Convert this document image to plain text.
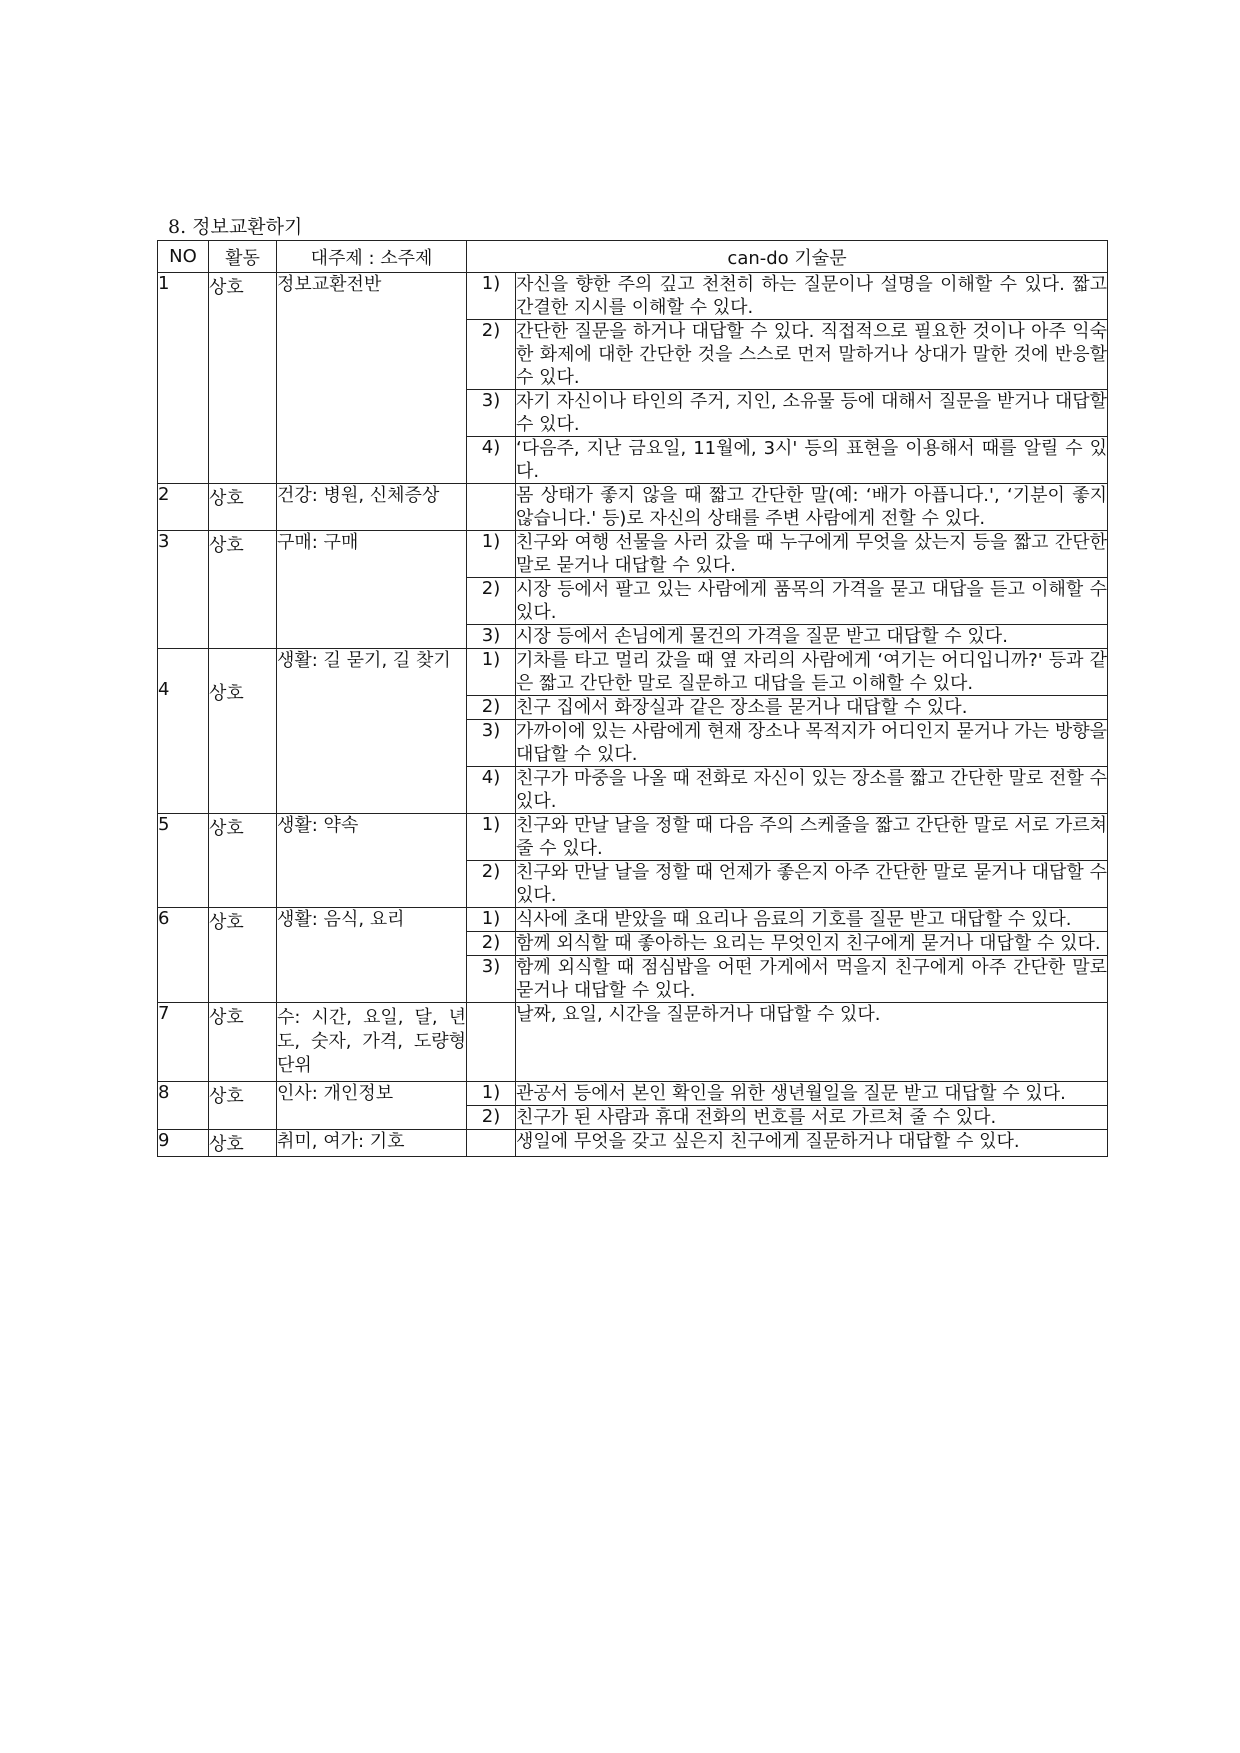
8. 정보교환하기
NO	활동	대주제 : 소주제	can-do 기술문	
1	상호	정보교환전반	1)	자신을 향한 주의 깊고 천천히 하는 질문이나 설명을 이해할 수 있다. 짧고 간결한 지시를 이해할 수 있다.
			2)	간단한 질문을 하거나 대답할 수 있다. 직접적으로 필요한 것이나 아주 익숙한 화제에 대한 간단한 것을 스스로 먼저 말하거나 상대가 말한 것에 반응할 수 있다.
			3)	자기 자신이나 타인의 주거, 지인, 소유물 등에 대해서 질문을 받거나 대답할 수 있다.
			4)	‘다음주, 지난 금요일, 11월에, 3시' 등의 표현을 이용해서 때를 알릴 수 있다.
2	상호	건강: 병원, 신체증상		몸 상태가 좋지 않을 때 짧고 간단한 말(예: ‘배가 아픕니다.', ‘기분이 좋지 않습니다.' 등)로 자신의 상태를 주변 사람에게 전할 수 있다.
3	상호	구매: 구매	1)	친구와 여행 선물을 사러 갔을 때 누구에게 무엇을 샀는지 등을 짧고 간단한 말로 묻거나 대답할 수 있다.
			2)	시장 등에서 팔고 있는 사람에게 품목의 가격을 묻고 대답을 듣고 이해할 수 있다.
			3)	시장 등에서 손님에게 물건의 가격을 질문 받고 대답할 수 있다.
4	상호	생활: 길 묻기, 길 찾기	1)	기차를 타고 멀리 갔을 때 옆 자리의 사람에게 ‘여기는 어디입니까?' 등과 같은 짧고 간단한 말로 질문하고 대답을 듣고 이해할 수 있다.
			2)	친구 집에서 화장실과 같은 장소를 묻거나 대답할 수 있다.
			3)	가까이에 있는 사람에게 현재 장소나 목적지가 어디인지 묻거나 가는 방향을 대답할 수 있다.
			4)	친구가 마중을 나올 때 전화로 자신이 있는 장소를 짧고 간단한 말로 전할 수 있다.
5	상호	생활: 약속	1)	친구와 만날 날을 정할 때 다음 주의 스케줄을 짧고 간단한 말로 서로 가르쳐 줄 수 있다.
			2)	친구와 만날 날을 정할 때 언제가 좋은지 아주 간단한 말로 묻거나 대답할 수 있다.
6	상호	생활: 음식, 요리	1)	식사에 초대 받았을 때 요리나 음료의 기호를 질문 받고 대답할 수 있다.
			2)	함께 외식할 때 좋아하는 요리는 무엇인지 친구에게 묻거나 대답할 수 있다.
			3)	함께 외식할 때 점심밥을 어떤 가게에서 먹을지 친구에게 아주 간단한 말로 묻거나 대답할 수 있다.
7	상호	수: 시간, 요일, 달, 년도, 숫자, 가격, 도량형단위		날짜, 요일, 시간을 질문하거나 대답할 수 있다.
8	상호	인사: 개인정보	1)	관공서 등에서 본인 확인을 위한 생년월일을 질문 받고 대답할 수 있다.
			2)	친구가 된 사람과 휴대 전화의 번호를 서로 가르쳐 줄 수 있다.
9	상호	취미, 여가: 기호		생일에 무엇을 갖고 싶은지 친구에게 질문하거나 대답할 수 있다.
